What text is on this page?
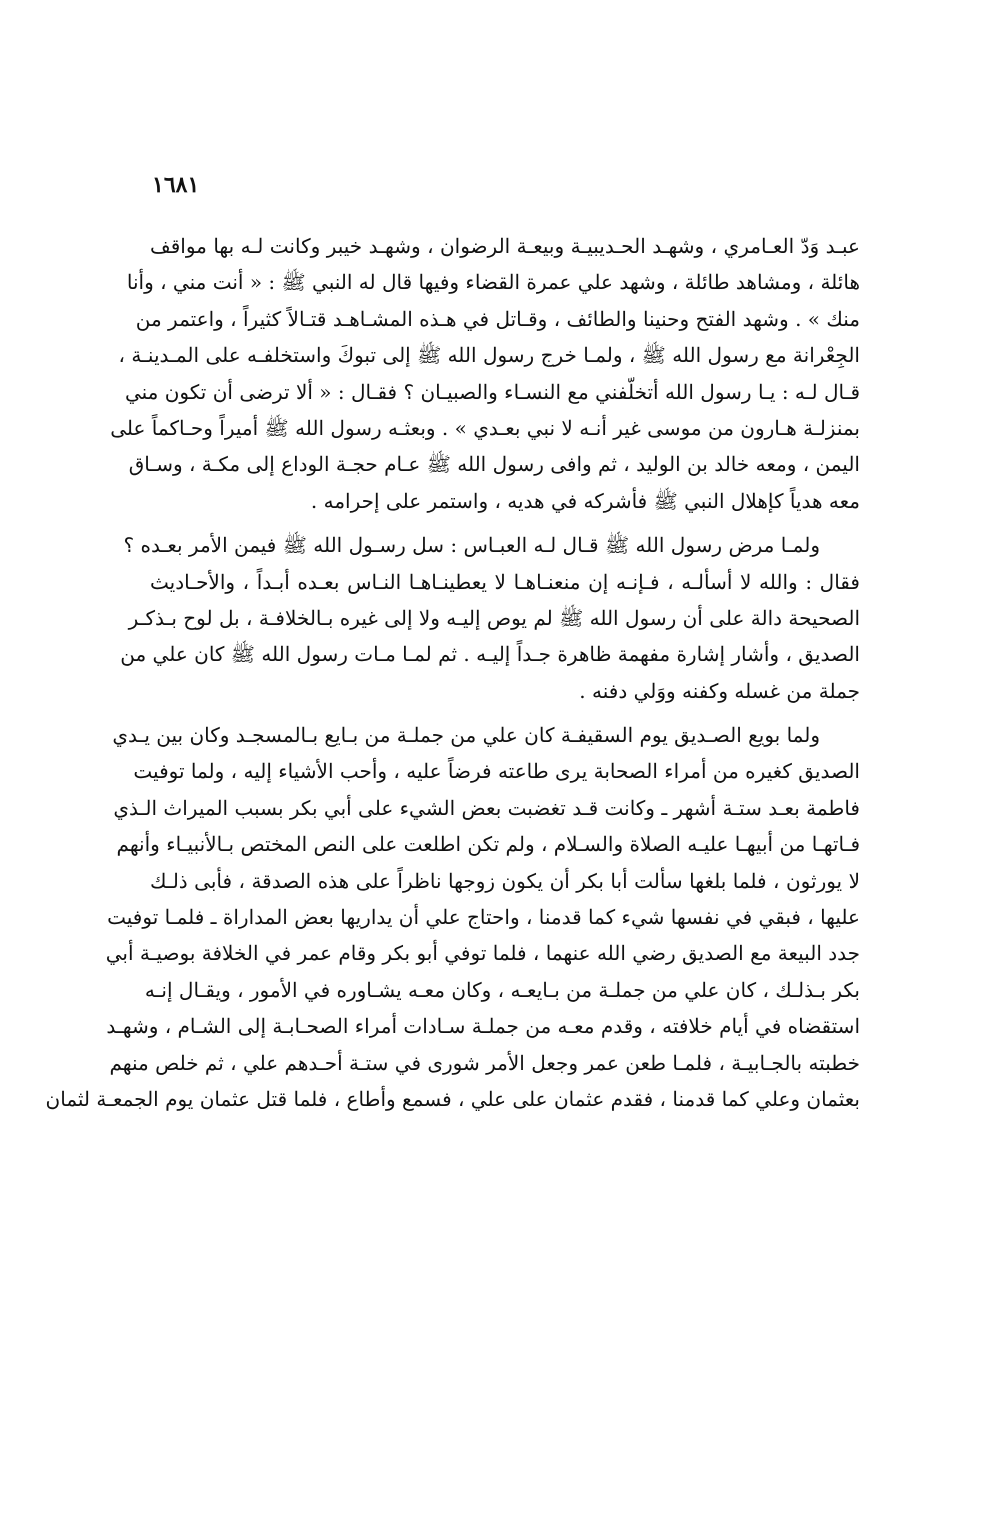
١٦٨١
عبـد وَدّ العـامري ، وشهـد الحـديبيـة وبيعـة الرضوان ، وشهـد خيبر وكانت لـه بها مواقف
هائلة ، ومشاهد طائلة ، وشهد علي عمرة القضاء وفيها قال له النبي ﷺ : « أنت مني ، وأنا
منك » . وشهد الفتح وحنينا والطائف ، وقـاتل في هـذه المشـاهـد قتـالاً كثيراً ، واعتمر من
الجِعْرانة مع رسول الله ﷺ ، ولمـا خرج رسول الله ﷺ إلى تبوكَ واستخلفـه على المـدينـة ،
قـال لـه : يـا رسول الله أتخلّفني مع النسـاء والصبيـان ؟ فقـال : « ألا ترضى أن تكون مني
بمنزلـة هـارون من موسى غير أنـه لا نبي بعـدي » . وبعثـه رسول الله ﷺ أميراً وحـاكماً على
اليمن ، ومعه خالد بن الوليد ، ثم وافى رسول الله ﷺ عـام حجـة الوداع إلى مكـة ، وسـاق
معه هدياً كإهلال النبي ﷺ فأشركه في هديه ، واستمر على إحرامه .
ولمـا مرض رسول الله ﷺ قـال لـه العبـاس : سل رسـول الله ﷺ فيمن الأمر بعـده ؟
فقال : والله لا أسألـه ، فـإنـه إن منعنـاهـا لا يعطينـاهـا النـاس بعـده أبـداً ، والأحـاديث
الصحيحة دالة على أن رسول الله ﷺ لم يوص إليـه ولا إلى غيره بـالخلافـة ، بل لوح بـذكـر
الصديق ، وأشار إشارة مفهمة ظاهرة جـداً إليـه . ثم لمـا مـات رسول الله ﷺ كان علي من
جملة من غسله وكفنه ووَلي دفنه .
ولما بويع الصـديق يوم السقيفـة كان علي من جملـة من بـايع بـالمسجـد وكان بين يـدي
الصديق كغيره من أمراء الصحابة يرى طاعته فرضاً عليه ، وأحب الأشياء إليه ، ولما توفيت
فاطمة بعـد ستـة أشهر ـ وكانت قـد تغضبت بعض الشيء على أبي بكر بسبب الميراث الـذي
فـاتهـا من أبيهـا عليـه الصلاة والسـلام ، ولم تكن اطلعت على النص المختص بـالأنبيـاء وأنهم
لا يورثون ، فلما بلغها سألت أبا بكر أن يكون زوجها ناظراً على هذه الصدقة ، فأبى ذلـك
عليها ، فبقي في نفسها شيء كما قدمنا ، واحتاج علي أن يداريها بعض المداراة ـ فلمـا توفيت
جدد البيعة مع الصديق رضي الله عنهما ، فلما توفي أبو بكر وقام عمر في الخلافة بوصيـة أبي
بكر بـذلـك ، كان علي من جملـة من بـايعـه ، وكان معـه يشـاوره في الأمور ، ويقـال إنـه
استقضاه في أيام خلافته ، وقدم معـه من جملـة سـادات أمراء الصحـابـة إلى الشـام ، وشهـد
خطبته بالجـابيـة ، فلمـا طعن عمر وجعل الأمر شورى في ستـة أحـدهم علي ، ثم خلص منهم
بعثمان وعلي كما قدمنا ، فقدم عثمان على علي ، فسمع وأطاع ، فلما قتل عثمان يوم الجمعـة لثمان
